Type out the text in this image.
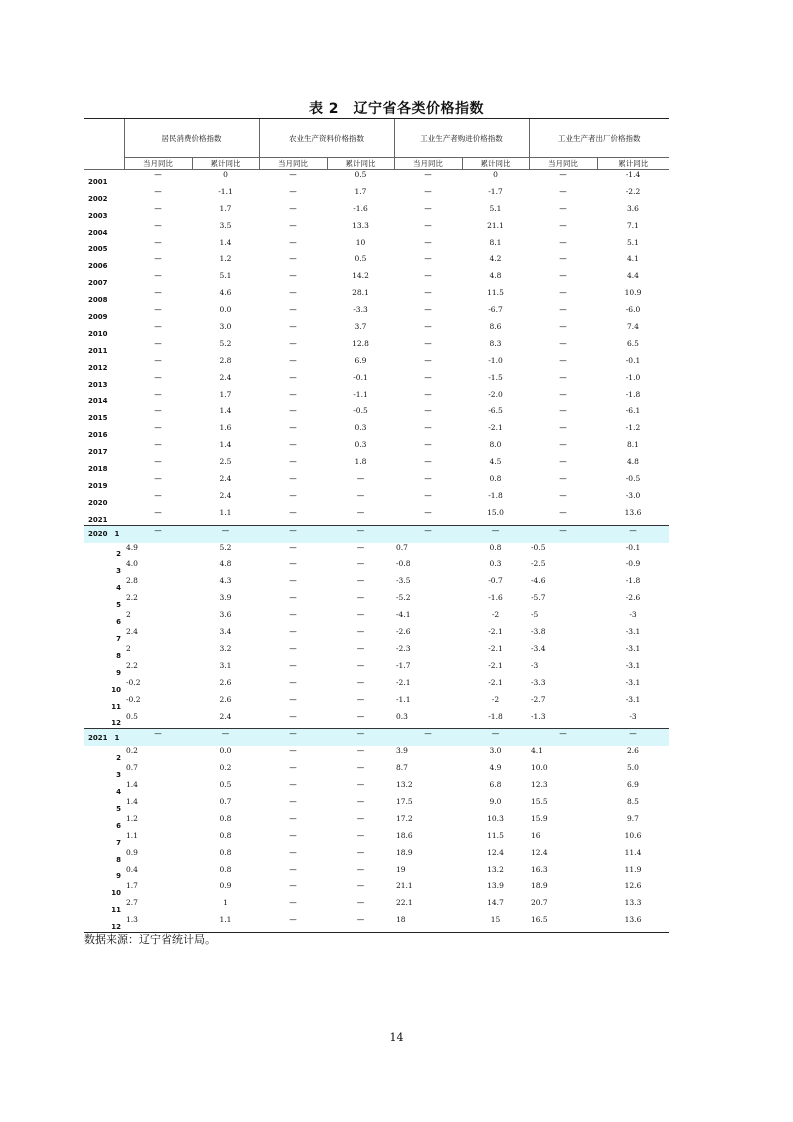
表 2　辽宁省各类价格指数
	居民消费价格指数		农业生产资料价格指数		工业生产者购进价格指数		工业生产者出厂价格指数	
	当月同比	累计同比	当月同比	累计同比	当月同比	累计同比	当月同比	累计同比
2001	—	0	—	0.5	—	0	—	-1.4
2002	—	-1.1	—	1.7	—	-1.7	—	-2.2
2003	—	1.7	—	-1.6	—	5.1	—	3.6
2004	—	3.5	—	13.3	—	21.1	—	7.1
2005	—	1.4	—	10	—	8.1	—	5.1
2006	—	1.2	—	0.5	—	4.2	—	4.1
2007	—	5.1	—	14.2	—	4.8	—	4.4
2008	—	4.6	—	28.1	—	11.5	—	10.9
2009	—	0.0	—	-3.3	—	-6.7	—	-6.0
2010	—	3.0	—	3.7	—	8.6	—	7.4
2011	—	5.2	—	12.8	—	8.3	—	6.5
2012	—	2.8	—	6.9	—	-1.0	—	-0.1
2013	—	2.4	—	-0.1	—	-1.5	—	-1.0
2014	—	1.7	—	-1.1	—	-2.0	—	-1.8
2015	—	1.4	—	-0.5	—	-6.5	—	-6.1
2016	—	1.6	—	0.3	—	-2.1	—	-1.2
2017	—	1.4	—	0.3	—	8.0	—	8.1
2018	—	2.5	—	1.8	—	4.5	—	4.8
2019	—	2.4	—	—	—	0.8	—	-0.5
2020	—	2.4	—	—	—	-1.8	—	-3.0
2021	—	1.1	—	—	—	15.0	—	13.6
2020　1	—	—	—	—	—	—	—	—
2	4.9	5.2	—	—	0.7	0.8	-0.5	-0.1
3	4.0	4.8	—	—	-0.8	0.3	-2.5	-0.9
4	2.8	4.3	—	—	-3.5	-0.7	-4.6	-1.8
5	2.2	3.9	—	—	-5.2	-1.6	-5.7	-2.6
6	2	3.6	—	—	-4.1	-2	-5	-3
7	2.4	3.4	—	—	-2.6	-2.1	-3.8	-3.1
8	2	3.2	—	—	-2.3	-2.1	-3.4	-3.1
9	2.2	3.1	—	—	-1.7	-2.1	-3	-3.1
10	-0.2	2.6	—	—	-2.1	-2.1	-3.3	-3.1
11	-0.2	2.6	—	—	-1.1	-2	-2.7	-3.1
12	0.5	2.4	—	—	0.3	-1.8	-1.3	-3
2021　1	—	—	—	—	—	—	—	—
2	0.2	0.0	—	—	3.9	3.0	4.1	2.6
3	0.7	0.2	—	—	8.7	4.9	10.0	5.0
4	1.4	0.5	—	—	13.2	6.8	12.3	6.9
5	1.4	0.7	—	—	17.5	9.0	15.5	8.5
6	1.2	0.8	—	—	17.2	10.3	15.9	9.7
7	1.1	0.8	—	—	18.6	11.5	16	10.6
8	0.9	0.8	—	—	18.9	12.4	12.4	11.4
9	0.4	0.8	—	—	19	13.2	16.3	11.9
10	1.7	0.9	—	—	21.1	13.9	18.9	12.6
11	2.7	1	—	—	22.1	14.7	20.7	13.3
12	1.3	1.1	—	—	18	15	16.5	13.6
数据来源：辽宁省统计局。
14
